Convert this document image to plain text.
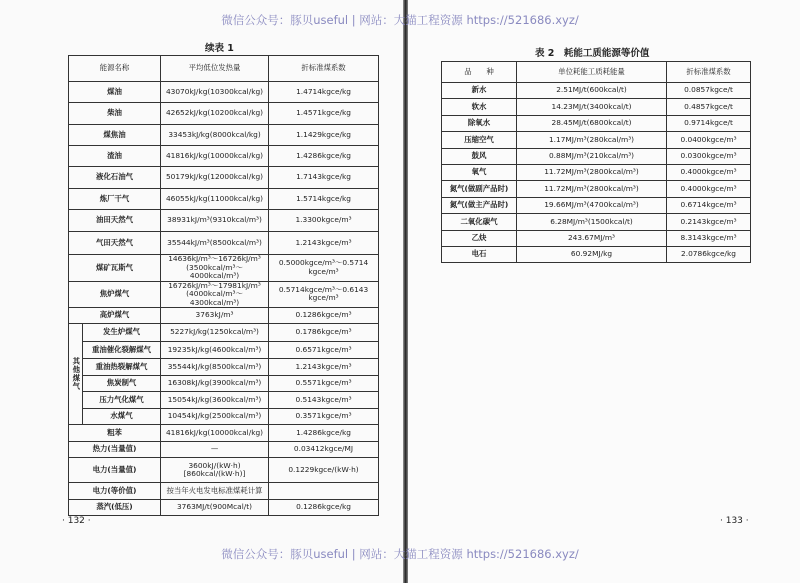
微信公众号：豚贝useful | 网站：大猫工程资源 https://521686.xyz/
微信公众号：豚贝useful | 网站：大猫工程资源 https://521686.xyz/
续表 1
能源名称		平均低位发热量	折标准煤系数
煤油		43070kJ/kg(10300kcal/kg)	1.4714kgce/kg
柴油		42652kJ/kg(10200kcal/kg)	1.4571kgce/kg
煤焦油		33453kJ/kg(8000kcal/kg)	1.1429kgce/kg
渣油		41816kJ/kg(10000kcal/kg)	1.4286kgce/kg
液化石油气		50179kJ/kg(12000kcal/kg)	1.7143kgce/kg
炼厂干气		46055kJ/kg(11000kcal/kg)	1.5714kgce/kg
油田天然气		38931kJ/m³(9310kcal/m³)	1.3300kgce/m³
气田天然气		35544kJ/m³(8500kcal/m³)	1.2143kgce/m³
煤矿瓦斯气		14636kJ/m³～16726kJ/m³ (3500kcal/m³～4000kcal/m³)	0.5000kgce/m³～0.5714 kgce/m³
焦炉煤气		16726kJ/m³～17981kJ/m³ (4000kcal/m³～4300kcal/m³)	0.5714kgce/m³～0.6143 kgce/m³
高炉煤气		3763kJ/m³	0.1286kgce/m³
其他煤气	发生炉煤气	5227kJ/kg(1250kcal/m³)	0.1786kgce/m³
	重油催化裂解煤气	19235kJ/kg(4600kcal/m³)	0.6571kgce/m³
	重油热裂解煤气	35544kJ/kg(8500kcal/m³)	1.2143kgce/m³
	焦炭制气	16308kJ/kg(3900kcal/m³)	0.5571kgce/m³
	压力气化煤气	15054kJ/kg(3600kcal/m³)	0.5143kgce/m³
	水煤气	10454kJ/kg(2500kcal/m³)	0.3571kgce/m³
粗苯		41816kJ/kg(10000kcal/kg)	1.4286kgce/kg
热力(当量值)		—	0.03412kgce/MJ
电力(当量值)		3600kJ/(kW·h) [860kcal/(kW·h)]	0.1229kgce/(kW·h)
电力(等价值)		按当年火电发电标准煤耗计算	
蒸汽(低压)		3763MJ/t(900Mcal/t)	0.1286kgce/kg
· 132 ·
表 2　耗能工质能源等价值
品　　种	单位耗能工质耗能量	折标准煤系数
新水	2.51MJ/t(600kcal/t)	0.0857kgce/t
软水	14.23MJ/t(3400kcal/t)	0.4857kgce/t
除氧水	28.45MJ/t(6800kcal/t)	0.9714kgce/t
压缩空气	1.17MJ/m³(280kcal/m³)	0.0400kgce/m³
鼓风	0.88MJ/m³(210kcal/m³)	0.0300kgce/m³
氧气	11.72MJ/m³(2800kcal/m³)	0.4000kgce/m³
氮气(做副产品时)	11.72MJ/m³(2800kcal/m³)	0.4000kgce/m³
氮气(做主产品时)	19.66MJ/m³(4700kcal/m³)	0.6714kgce/m³
二氧化碳气	6.28MJ/m³(1500kcal/t)	0.2143kgce/m³
乙炔	243.67MJ/m³	8.3143kgce/m³
电石	60.92MJ/kg	2.0786kgce/kg
· 133 ·
